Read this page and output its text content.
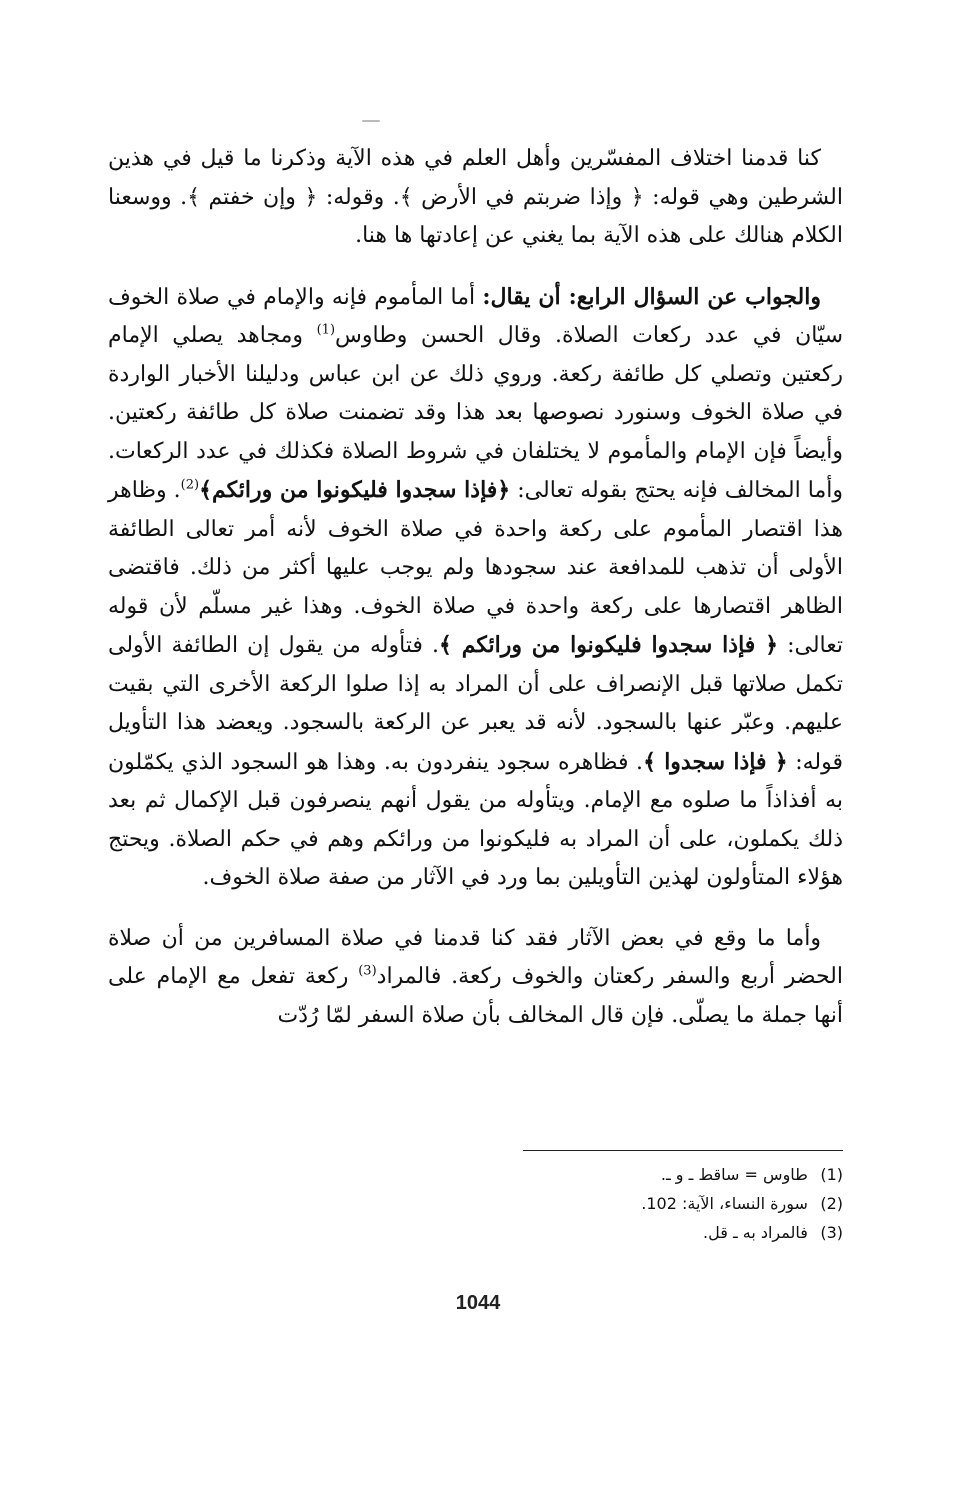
كنا قدمنا اختلاف المفسّرين وأهل العلم في هذه الآية وذكرنا ما قيل في هذين الشرطين وهي قوله: ﴿ وإذا ضربتم في الأرض ﴾. وقوله: ﴿ وإن خفتم ﴾. ووسعنا الكلام هنالك على هذه الآية بما يغني عن إعادتها ها هنا.

والجواب عن السؤال الرابع: أن يقال: أما المأموم فإنه والإمام في صلاة الخوف سيّان في عدد ركعات الصلاة. وقال الحسن وطاوس$^{(1)}$ ومجاهد يصلي الإمام ركعتين وتصلي كل طائفة ركعة. وروي ذلك عن ابن عباس ودليلنا الأخبار الواردة في صلاة الخوف وسنورد نصوصها بعد هذا وقد تضمنت صلاة كل طائفة ركعتين. وأيضاً فإن الإمام والمأموم لا يختلفان في شروط الصلاة فكذلك في عدد الركعات. وأما المخالف فإنه يحتج بقوله تعالى: ﴿فإذا سجدوا فليكونوا من ورائكم﴾$^{(2)}$. وظاهر هذا اقتصار المأموم على ركعة واحدة في صلاة الخوف لأنه أمر تعالى الطائفة الأولى أن تذهب للمدافعة عند سجودها ولم يوجب عليها أكثر من ذلك. فاقتضى الظاهر اقتصارها على ركعة واحدة في صلاة الخوف. وهذا غير مسلّم لأن قوله تعالى: ﴿ فإذا سجدوا فليكونوا من ورائكم ﴾. فتأوله من يقول إن الطائفة الأولى تكمل صلاتها قبل الإنصراف على أن المراد به إذا صلوا الركعة الأخرى التي بقيت عليهم. وعبّر عنها بالسجود. لأنه قد يعبر عن الركعة بالسجود. ويعضد هذا التأويل قوله: ﴿ فإذا سجدوا ﴾. فظاهره سجود ينفردون به. وهذا هو السجود الذي يكمّلون به أفذاذاً ما صلوه مع الإمام. ويتأوله من يقول أنهم ينصرفون قبل الإكمال ثم بعد ذلك يكملون، على أن المراد به فليكونوا من ورائكم وهم في حكم الصلاة. ويحتج هؤلاء المتأولون لهذين التأويلين بما ورد في الآثار من صفة صلاة الخوف.

وأما ما وقع في بعض الآثار فقد كنا قدمنا في صلاة المسافرين من أن صلاة الحضر أربع والسفر ركعتان والخوف ركعة. فالمراد$^{(3)}$ ركعة تفعل مع الإمام على أنها جملة ما يصلّى. فإن قال المخالف بأن صلاة السفر لمّا رُدّت

(1) طاوس = ساقط ـ و ـ.
(2) سورة النساء، الآية: 102.
(3) فالمراد به ـ قل.
1044
